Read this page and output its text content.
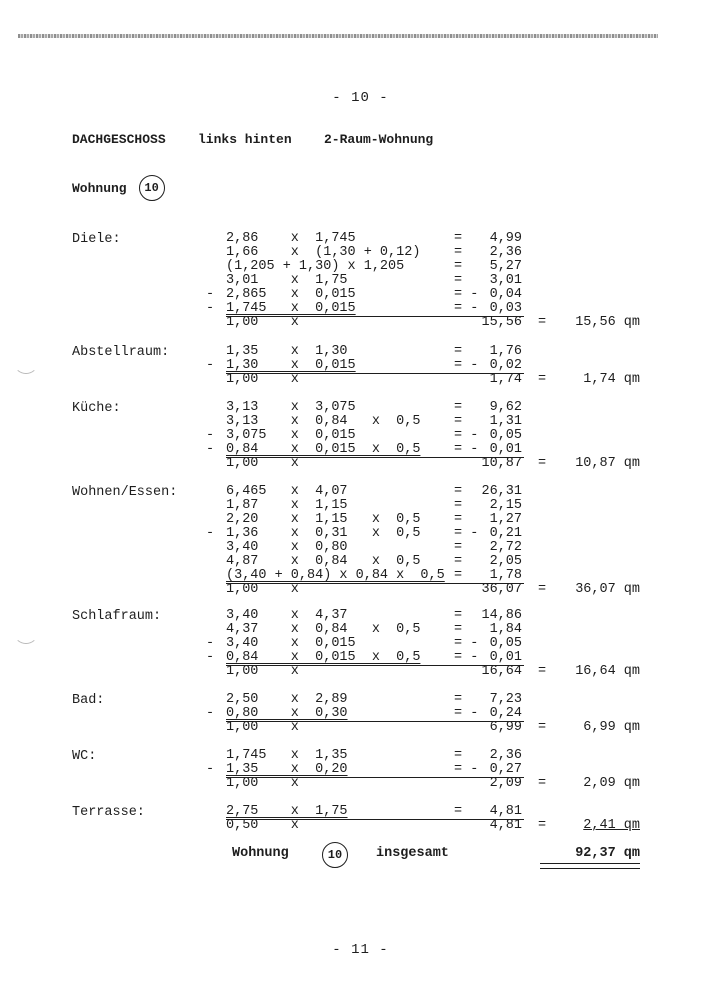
- 10 -
DACHGESCHOSS links hinten 2-Raum-Wohnung
Wohnung	10
Diele:	2,86    x  1,745	=	4,99
1,66    x  (1,30 + 0,12) =	2,36
(1,205 + 1,30) x 1,205	=	5,27
3,01    x  1,75	=	3,01
- 2,865   x  0,015	= - 0,04
- 1,745   x  0,015	= - 0,03
1,00    x	15,56 =	15,56 qm
Abstellraum:	1,35    x  1,30	=	1,76
- 1,30    x  0,015	= - 0,02
1,00    x	1,74 =	1,74 qm
Küche:	3,13    x  3,075	=	9,62
3,13    x  0,84   x  0,5 =	1,31
- 3,075   x  0,015	= - 0,05
- 0,84    x  0,015  x  0,5 = - 0,01
1,00    x	10,87 =	10,87 qm
Wohnen/Essen:	6,465   x  4,07	=	26,31
1,87    x  1,15	=	2,15
2,20    x  1,15   x  0,5 =	1,27
- 1,36    x  0,31   x  0,5 = - 0,21
3,40    x  0,80	=	2,72
4,87    x  0,84   x  0,5 =	2,05
(3,40 + 0,84) x 0,84 x  0,5 =	1,78
1,00    x	36,07 =	36,07 qm
Schlafraum:	3,40    x  4,37	=	14,86
4,37    x  0,84   x  0,5 =	1,84
- 3,40    x  0,015	= - 0,05
- 0,84    x  0,015  x  0,5 = - 0,01
1,00    x	16,64 =	16,64 qm
Bad:	2,50    x  2,89	=	7,23
- 0,80    x  0,30	= - 0,24
1,00    x	6,99 =	6,99 qm
WC:	1,745   x  1,35	=	2,36
- 1,35    x  0,20	= - 0,27
1,00    x	2,09 =	2,09 qm
Terrasse:	2,75    x  1,75	=	4,81
0,50    x	4,81 =	2,41 qm
Wohnung	10	insgesamt	92,37 qm
- 11 -
